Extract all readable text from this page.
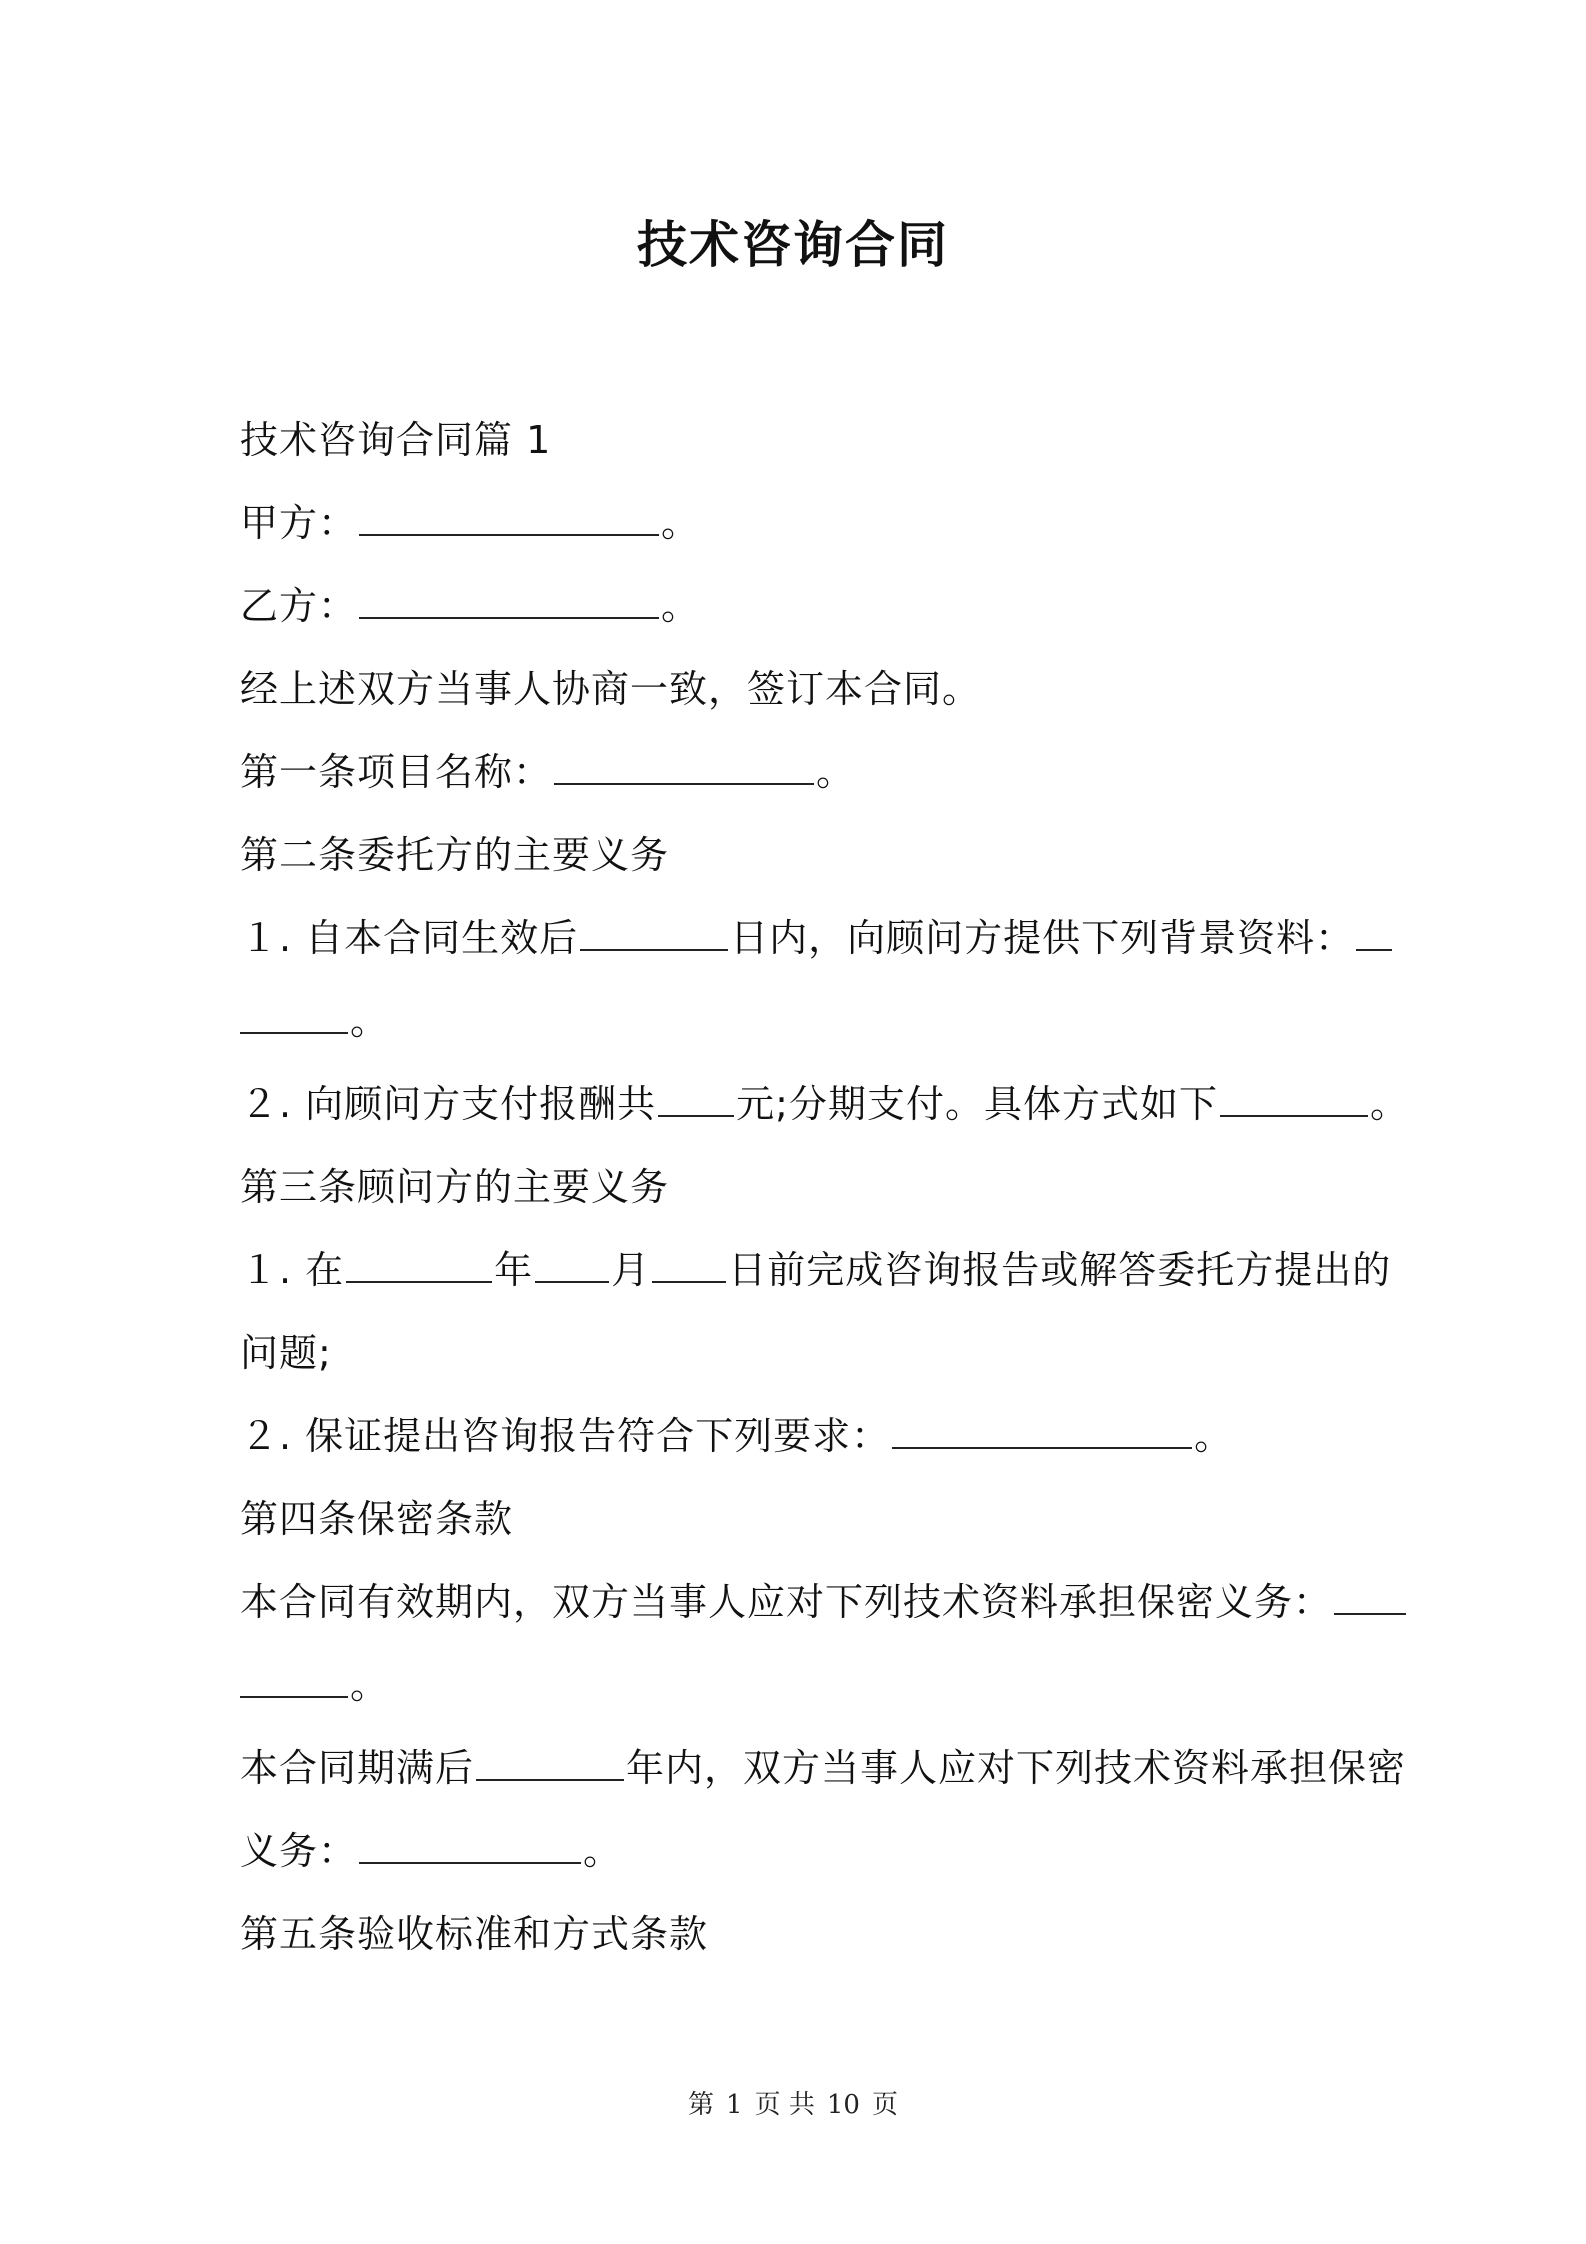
技术咨询合同
技术咨询合同篇 1
甲方：	。
乙方：	。
经上述双方当事人协商一致，签订本合同。
第一条项目名称：	。
第二条委托方的主要义务
１. 自本合同生效后	日内，向顾问方提供下列背景资料：
。
２. 向顾问方支付报酬共 元;分期支付。具体方式如下	。
第三条顾问方的主要义务
１. 在	年 月 日前完成咨询报告或解答委托方提出的
问题;
２. 保证提出咨询报告符合下列要求：	。
第四条保密条款
本合同有效期内，双方当事人应对下列技术资料承担保密义务：
。
本合同期满后	年内，双方当事人应对下列技术资料承担保密
义务：	。
第五条验收标准和方式条款
第 1 页 共 10 页
